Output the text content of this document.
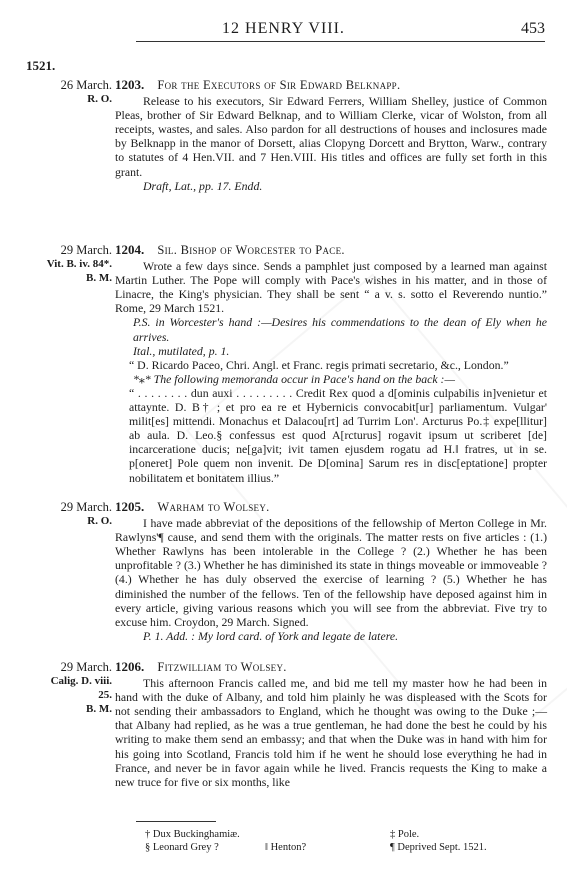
12 HENRY VIII.	453
1521.
26 March.
R. O.
1203. For the Executors of Sir Edward Belknapp.

Release to his executors, Sir Edward Ferrers, William Shelley, justice of Common Pleas, brother of Sir Edward Belknap, and to William Clerke, vicar of Wolston, from all receipts, wastes, and sales. Also pardon for all destructions of houses and inclosures made by Belknapp in the manor of Dorsett, alias Clopyng Dorcett and Brytton, Warw., contrary to statutes of 4 Hen.VII. and 7 Hen.VIII. His titles and offices are fully set forth in this grant.

Draft, Lat., pp. 17. Endd.

29 March.
Vit. B. iv. 84*.
B. M.
1204. Sil. Bishop of Worcester to Pace.

Wrote a few days since. Sends a pamphlet just composed by a learned man against Martin Luther. The Pope will comply with Pace's wishes in his matter, and in those of Linacre, the King's physician. They shall be sent “ a v. s. sotto el Reverendo nuntio.” Rome, 29 March 1521.

P.S. in Worcester's hand :—Desires his commendations to the dean of Ely when he arrives.

Ital., mutilated, p. 1.

“ D. Ricardo Paceo, Chri. Angl. et Franc. regis primati secretario, &c., London.”

*⁎* The following memoranda occur in Pace's hand on the back :—

“ . . . . . . . . dun auxi . . . . . . . . . Credit Rex quod a d[ominis culpabilis in]venietur et attaynte. D. B† ; et pro ea re et Hybernicis convocabit[ur] parliamentum. Vulgar' milit[es] mittendi. Monachus et Dalacou[rt] ad Turrim Lon'. Arcturus Po.‡ expe[llitur] ab aula. D. Leo.§ confessus est quod A[rcturus] rogavit ipsum ut scriberet [de] incarceratione ducis; ne[ga]vit; ivit tamen ejusdem rogatu ad H.‖ fratres, ut in se. p[oneret] Pole quem non invenit. De D[omina] Sarum res in disc[eptatione] propter nobilitatem et bonitatem illius.”

29 March.
R. O.
1205. Warham to Wolsey.

I have made abbreviat of the depositions of the fellowship of Merton College in Mr. Rawlyns'¶ cause, and send them with the originals. The matter rests on five articles : (1.) Whether Rawlyns has been intolerable in the College ? (2.) Whether he has been unprofitable ? (3.) Whether he has diminished its state in things moveable or immoveable ? (4.) Whether he has duly observed the exercise of learning ? (5.) Whether he has diminished the number of the fellows. Ten of the fellowship have deposed against him in every article, giving various reasons which you will see from the abbreviat. Five try to excuse him. Croydon, 29 March. Signed.

P. 1. Add. : My lord card. of York and legate de latere.

29 March.
Calig. D. viii.
25.
B. M.
1206. Fitzwilliam to Wolsey.

This afternoon Francis called me, and bid me tell my master how he had been in hand with the duke of Albany, and told him plainly he was displeased with the Scots for not sending their ambassadors to England, which he thought was owing to the Duke ;—that Albany had replied, as he was a true gentleman, he had done the best he could by his writing to make them send an embassy; and that when the Duke was in hand with him for his going into Scotland, Francis told him if he went he should lose everything he had in France, and never be in favor again while he lived. Francis requests the King to make a new truce for five or six months, like

† Dux Buckinghamiæ.	‡ Pole.
§ Leonard Grey ?	‖ Henton?	¶ Deprived Sept. 1521.
